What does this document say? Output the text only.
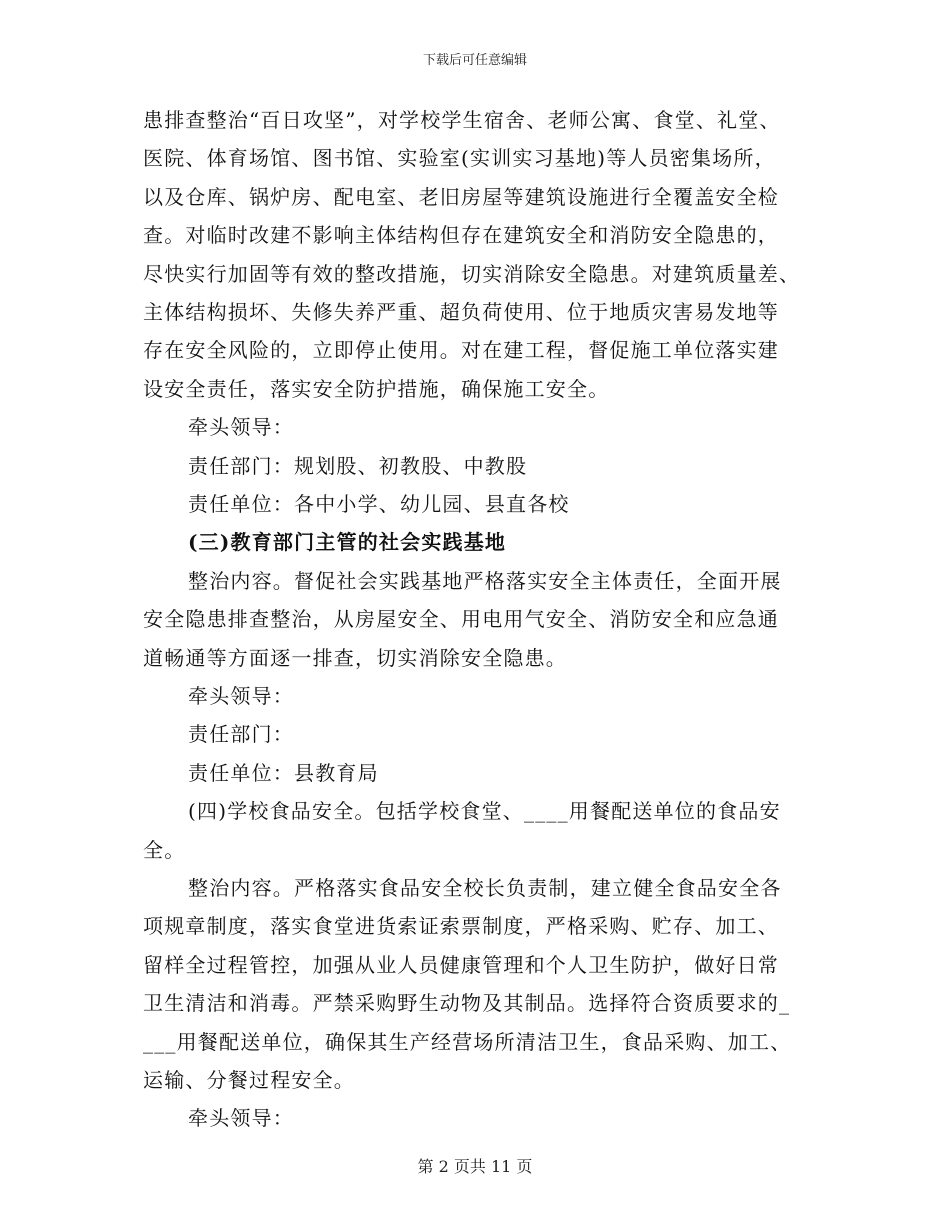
下载后可任意编辑
患排查整治“百日攻坚”，对学校学生宿舍、老师公寓、食堂、礼堂、
医院、体育场馆、图书馆、实验室(实训实习基地)等人员密集场所，
以及仓库、锅炉房、配电室、老旧房屋等建筑设施进行全覆盖安全检
查。对临时改建不影响主体结构但存在建筑安全和消防安全隐患的，
尽快实行加固等有效的整改措施，切实消除安全隐患。对建筑质量差、
主体结构损坏、失修失养严重、超负荷使用、位于地质灾害易发地等
存在安全风险的，立即停止使用。对在建工程，督促施工单位落实建
设安全责任，落实安全防护措施，确保施工安全。
牵头领导：
责任部门：规划股、初教股、中教股
责任单位：各中小学、幼儿园、县直各校
(三)教育部门主管的社会实践基地
整治内容。督促社会实践基地严格落实安全主体责任，全面开展
安全隐患排查整治，从房屋安全、用电用气安全、消防安全和应急通
道畅通等方面逐一排查，切实消除安全隐患。
牵头领导：
责任部门：
责任单位：县教育局
(四)学校食品安全。包括学校食堂、____用餐配送单位的食品安
全。
整治内容。严格落实食品安全校长负责制，建立健全食品安全各
项规章制度，落实食堂进货索证索票制度，严格采购、贮存、加工、
留样全过程管控，加强从业人员健康管理和个人卫生防护，做好日常
卫生清洁和消毒。严禁采购野生动物及其制品。选择符合资质要求的_
___用餐配送单位，确保其生产经营场所清洁卫生，食品采购、加工、
运输、分餐过程安全。
牵头领导：
第 2 页共 11 页
